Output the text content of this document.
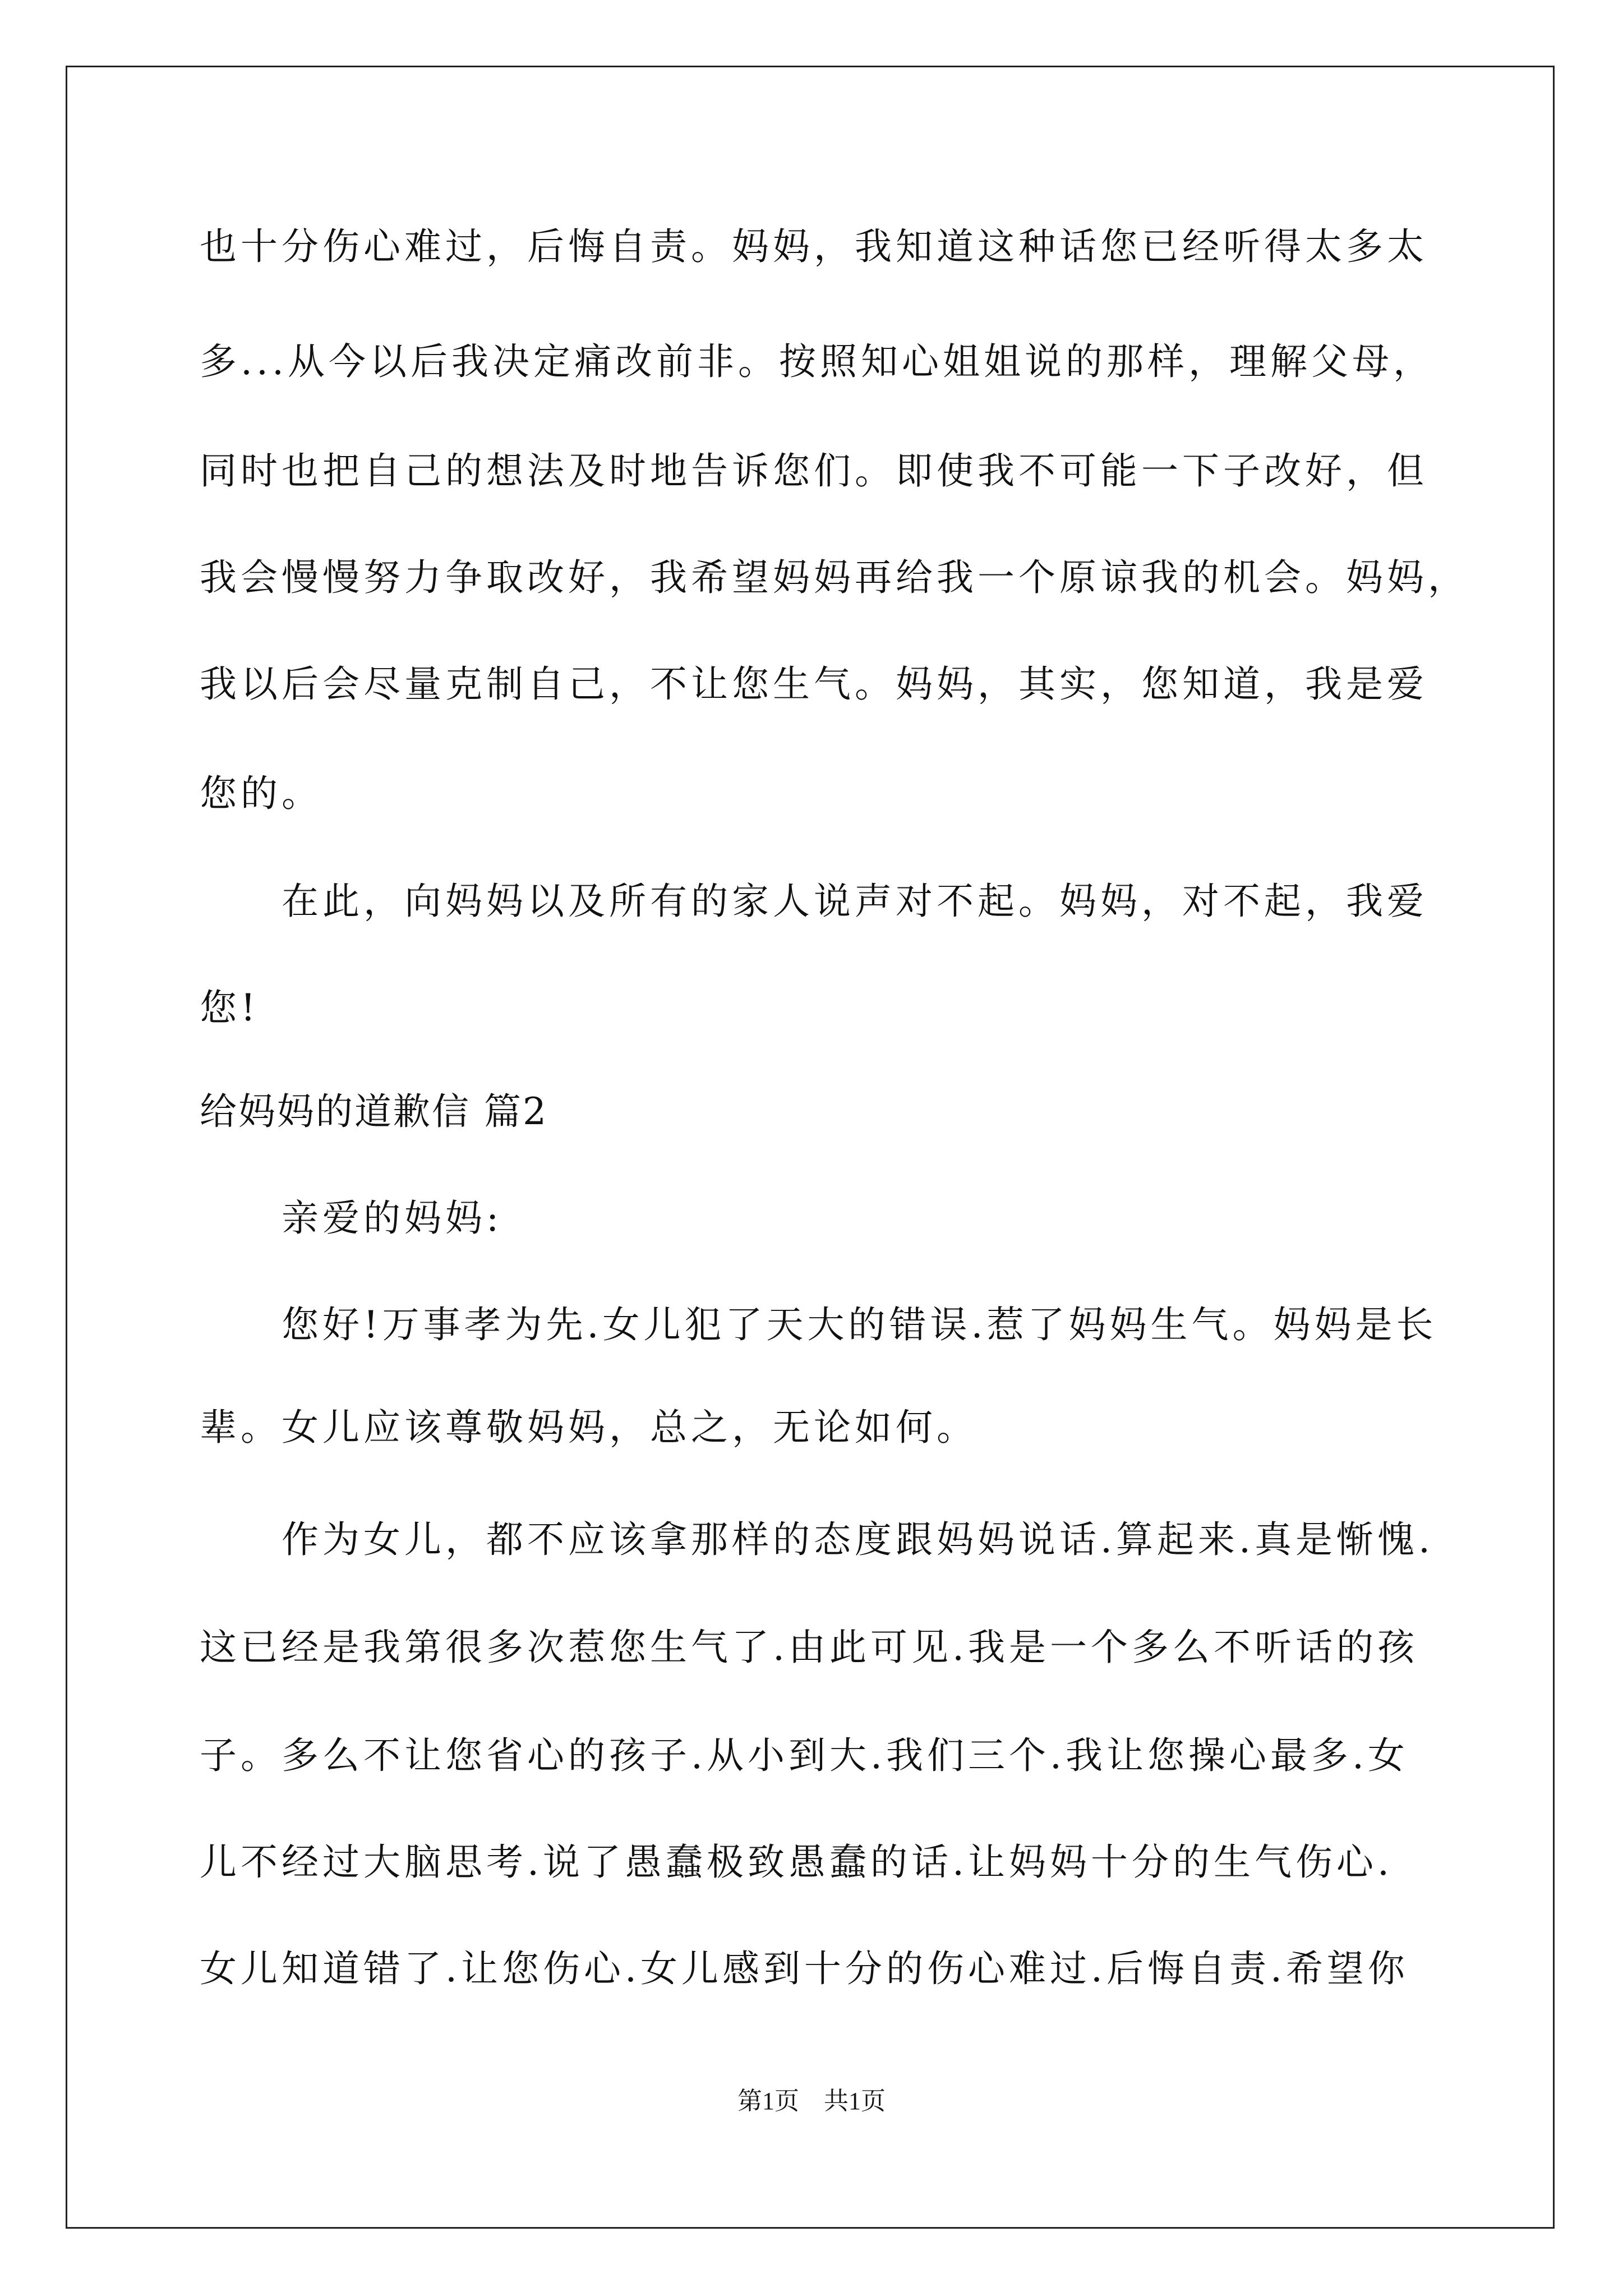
也十分伤心难过，后悔自责。妈妈，我知道这种话您已经听得太多太
多...从今以后我决定痛改前非。按照知心姐姐说的那样，理解父母，
同时也把自己的想法及时地告诉您们。即使我不可能一下子改好，但
我会慢慢努力争取改好，我希望妈妈再给我一个原谅我的机会。妈妈，
我以后会尽量克制自己，不让您生气。妈妈，其实，您知道，我是爱
您的。
在此，向妈妈以及所有的家人说声对不起。妈妈，对不起，我爱
您!
给妈妈的道歉信 篇2
亲爱的妈妈:
您好!万事孝为先.女儿犯了天大的错误.惹了妈妈生气。妈妈是长
辈。女儿应该尊敬妈妈，总之，无论如何。
作为女儿，都不应该拿那样的态度跟妈妈说话.算起来.真是惭愧.
这已经是我第很多次惹您生气了.由此可见.我是一个多么不听话的孩
子。多么不让您省心的孩子.从小到大.我们三个.我让您操心最多.女
儿不经过大脑思考.说了愚蠢极致愚蠢的话.让妈妈十分的生气伤心.
女儿知道错了.让您伤心.女儿感到十分的伤心难过.后悔自责.希望你
第1页　共1页
